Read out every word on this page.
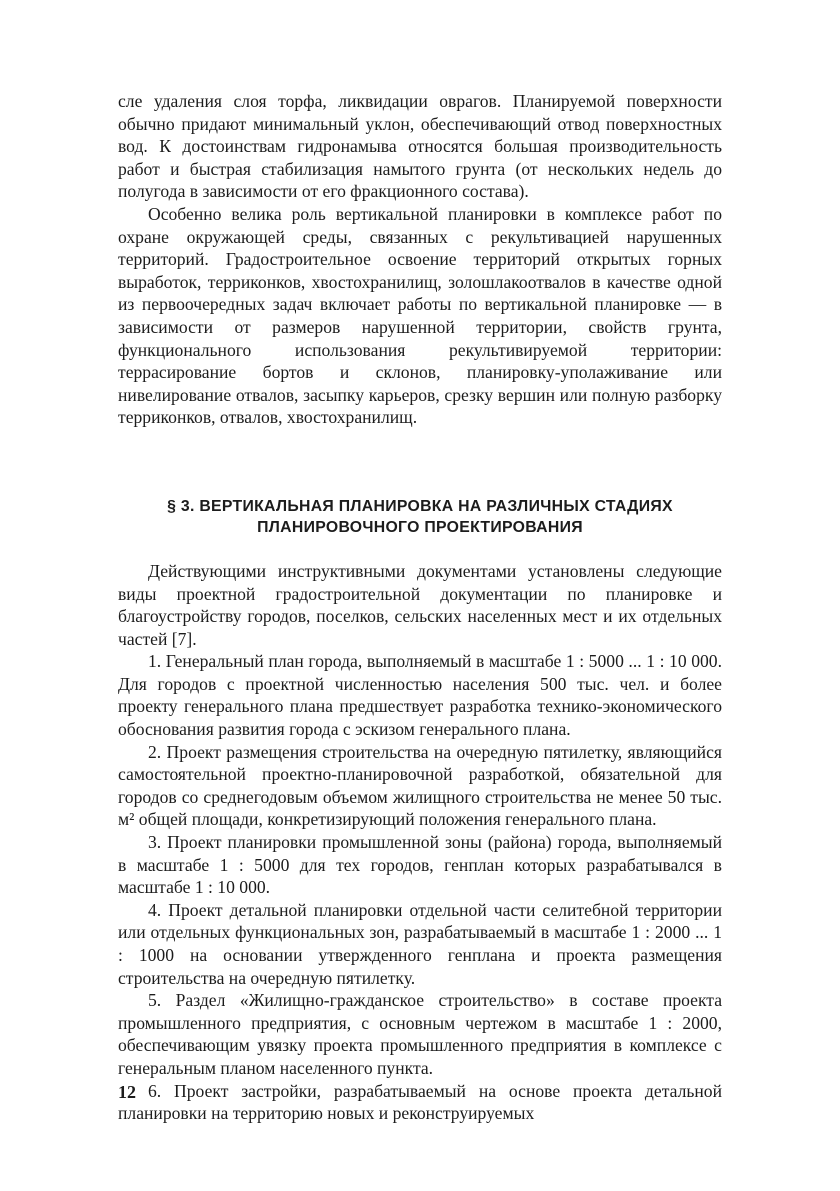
сле удаления слоя торфа, ликвидации оврагов. Планируемой поверхности обычно придают минимальный уклон, обеспечивающий отвод поверхностных вод. К достоинствам гидронамыва относятся большая производительность работ и быстрая стабилизация намытого грунта (от нескольких недель до полугода в зависимости от его фракционного состава).

Особенно велика роль вертикальной планировки в комплексе работ по охране окружающей среды, связанных с рекультивацией нарушенных территорий. Градостроительное освоение территорий открытых горных выработок, терриконков, хвостохранилищ, золошлакоотвалов в качестве одной из первоочередных задач включает работы по вертикальной планировке — в зависимости от размеров нарушенной территории, свойств грунта, функционального использования рекультивируемой территории: террасирование бортов и склонов, планировку-уполаживание или нивелирование отвалов, засыпку карьеров, срезку вершин или полную разборку терриконков, отвалов, хвостохранилищ.

§ 3. ВЕРТИКАЛЬНАЯ ПЛАНИРОВКА НА РАЗЛИЧНЫХ СТАДИЯХ

ПЛАНИРОВОЧНОГО ПРОЕКТИРОВАНИЯ

Действующими инструктивными документами установлены следующие виды проектной градостроительной документации по планировке и благоустройству городов, поселков, сельских населенных мест и их отдельных частей [7].

1. Генеральный план города, выполняемый в масштабе 1 : 5000 ... 1 : 10 000. Для городов с проектной численностью населения 500 тыс. чел. и более проекту генерального плана предшествует разработка технико-экономического обоснования развития города с эскизом генерального плана.

2. Проект размещения строительства на очередную пятилетку, являющийся самостоятельной проектно-планировочной разработкой, обязательной для городов со среднегодовым объемом жилищного строительства не менее 50 тыс. м² общей площади, конкретизирующий положения генерального плана.

3. Проект планировки промышленной зоны (района) города, выполняемый в масштабе 1 : 5000 для тех городов, генплан которых разрабатывался в масштабе 1 : 10 000.

4. Проект детальной планировки отдельной части селитебной территории или отдельных функциональных зон, разрабатываемый в масштабе 1 : 2000 ... 1 : 1000 на основании утвержденного генплана и проекта размещения строительства на очередную пятилетку.

5. Раздел «Жилищно-гражданское строительство» в составе проекта промышленного предприятия, с основным чертежом в масштабе 1 : 2000, обеспечивающим увязку проекта промышленного предприятия в комплексе с генеральным планом населенного пункта.

6. Проект застройки, разрабатываемый на основе проекта детальной планировки на территорию новых и реконструируемых

12
